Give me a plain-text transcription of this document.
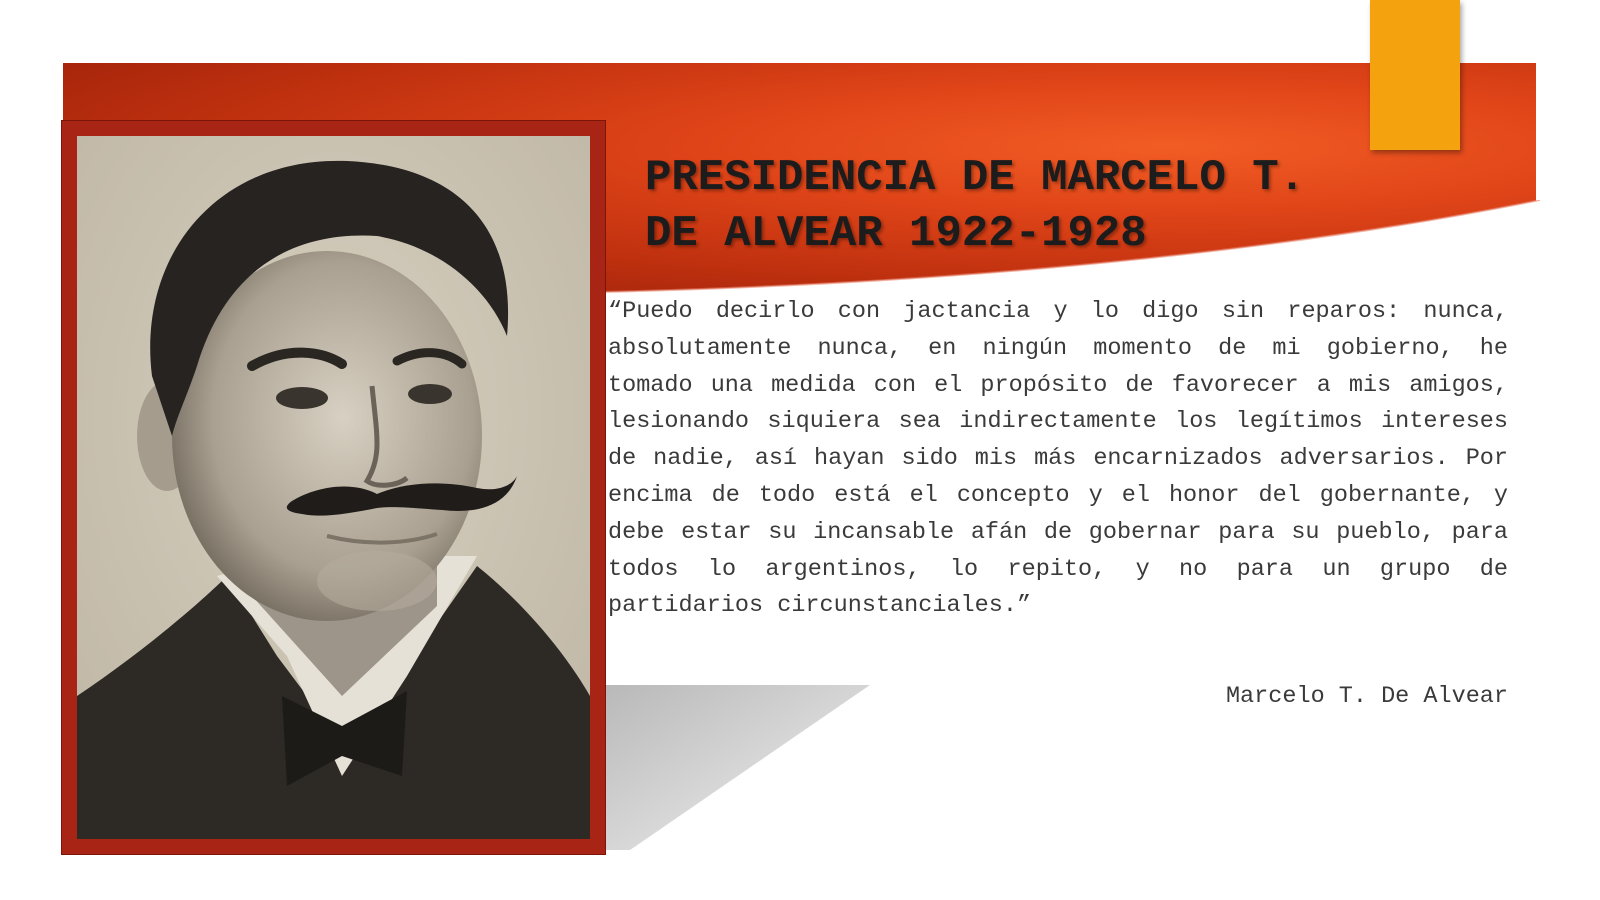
PRESIDENCIA DE MARCELO T. DE ALVEAR 1922-1928

“Puedo decirlo con jactancia y lo digo sin reparos: nunca, absolutamente nunca, en ningún momento de mi gobierno, he tomado una medida con el propósito de favorecer a mis amigos, lesionando siquiera sea indirectamente los legítimos intereses de nadie, así hayan sido mis más encarnizados adversarios. Por encima de todo está el concepto y el honor del gobernante, y debe estar su incansable afán de gobernar para su pueblo, para todos lo argentinos, lo repito, y no para un grupo de partidarios circunstanciales.”

Marcelo T. De Alvear
